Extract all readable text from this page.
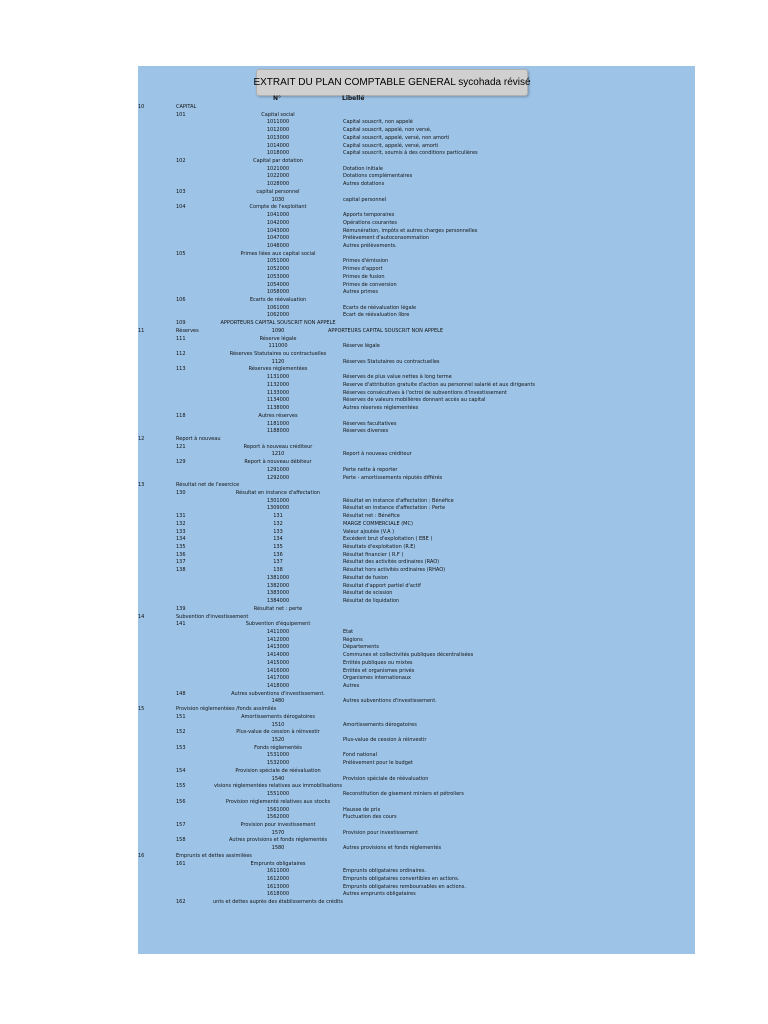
EXTRAIT DU PLAN COMPTABLE GENERAL sycohada révisé
N°	Libellé
10	CAPITAL
101	Capital social
1011000	Capital souscrit, non appelé
1012000	Capital souscrit, appelé, non versé,
1013000	Capital souscrit, appelé, versé, non amorti
1014000	Capital souscrit, appelé, versé, amorti
1018000	Capital souscrit, soumis à des conditions particulières
102	Capital par dotation
1021000	Dotation initiale
1022000	Dotations complémentaires
1028000	Autres dotations
103	capital personnel
1030	capital personnel
104	Compte de l'exploitant
1041000	Apports temporaires
1042000	Opérations courantes
1043000	Rémunération, impôts et autres charges personnelles
1047000	Prélèvement d'autoconsommation
1048000	Autres prélèvements.
105	Primes liées aux capital social
1051000	Primes d'émission
1052000	Primes d'apport
1053000	Primes de fusion
1054000	Primes de conversion
1058000	Autres primes
106	Ecarts de réévaluation
1061000	Ecarts de réévaluation légale
1062000	Ecart de réévaluation libre
109	APPORTEURS CAPITAL SOUSCRIT NON APPELE
11	Réserves	1090	APPORTEURS CAPITAL SOUSCRIT NON APPELE
111	Réserve légale
111000	Réserve légale
112	Réserves Statutaires ou contractuelles
1120	Réserves Statutaires ou contractuelles
113	Réserves réglementées
1131000	Réserves de plus value nettes à long terme
1132000	Reserve d'attribution gratuite d'action au personnel salarié et aux dirigeants
1133000	Réserves consécutives à l'octroi de subventions d'investissement
1134000	Réserves de valeurs mobilières donnant accès au capital
1138000	Autres réserves réglementées
118	Autres réserves
1181000	Réserves facultatives
1188000	Réserves diverses
12	Report à nouveau
121	Report à nouveau créditeur
1210	Report à nouveau créditeur
129	Report à nouveau débiteur
1291000	Perte nette à reporter
1292000	Perte - amortissements réputés différés
13	Résultat net de l'exercice
130	Résultat en instance d'affectation
1301000	Résultat en instance d'affectation : Bénéfice
1309000	Résultat en instance d'affectation : Perte
131	131	Résultat net : Bénéfice
132	132	MARGE COMMERCIALE (MC)
133	133	Valeur ajoutée (V.A )
134	134	Excédent brut d'exploitation ( EBE )
135	135	Résultats d'exploitation (R.E)
136	136	Résultat financier ( R.F )
137	137	Résultat des activités ordinaires (RAO)
138	138	Résultat hors activités ordinaires (RHAO)
1381000	Résultat de fusion
1382000	Résultat d'apport partiel d'actif
1383000	Résultat de scission
1384000	Résultat de liquidation
139	Résultat net : perte
14	Subvention d'investissement
141	Subvention d'équipement
1411000	Etat
1412000	Régions
1413000	Départements
1414000	Communes et collectivités publiques décentralisées
1415000	Entités publiques ou mixtes
1416000	Entités et organismes privés
1417000	Organismes internationaux
1418000	Autres
148	Autres subventions d'investissement.
1480	Autres subventions d'investissement.
15	Provision réglementées /fonds assimilés
151	Amortissements dérogatoires
1510	Amortissements dérogatoires
152	Plus-value de cession à réinvestir
1520	Plus-value de cession à réinvestir
153	Fonds réglementés
1531000	Fond national
1532000	Prélèvement pour le budget
154	Provision spéciale de réévaluation
1540	Provision spéciale de réévaluation
155	visions réglementées relatives aux immobilisations
1551000	Reconstitution de gisement miniers et pétroliers
156	Provision réglementé relatives aux stocks
1561000	Hausse de prix
1562000	Fluctuation des cours
157	Provision pour investissement
1570	Provision pour investissement
158	Autres provisions et fonds réglementés
1580	Autres provisions et fonds réglementés
16	Emprunts et dettes assimilées
161	Emprunts obligataires
1611000	Emprunts obligataires ordinaires.
1612000	Emprunts obligataires convertibles en actions.
1613000	Emprunts obligataires remboursables en actions.
1618000	Autres emprunts obligataires
162	unts et dettes auprès des établissements de crédits
